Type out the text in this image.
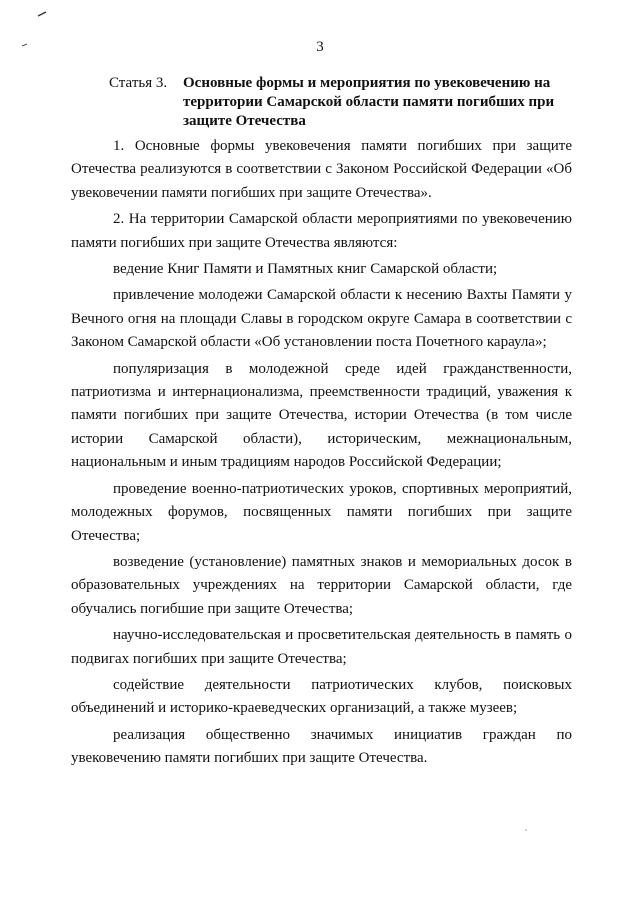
3
Статья 3. Основные формы и мероприятия по увековечению на территории Самарской области памяти погибших при защите Отечества

1. Основные формы увековечения памяти погибших при защите Отечества реализуются в соответствии с Законом Российской Федерации «Об увековечении памяти погибших при защите Отечества».

2. На территории Самарской области мероприятиями по увековечению памяти погибших при защите Отечества являются:

ведение Книг Памяти и Памятных книг Самарской области;

привлечение молодежи Самарской области к несению Вахты Памяти у Вечного огня на площади Славы в городском округе Самара в соответствии с Законом Самарской области «Об установлении поста Почетного караула»;

популяризация в молодежной среде идей гражданственности, патриотизма и интернационализма, преемственности традиций, уважения к памяти погибших при защите Отечества, истории Отечества (в том числе истории Самарской области), историческим, межнациональным, национальным и иным традициям народов Российской Федерации;

проведение военно-патриотических уроков, спортивных мероприятий, молодежных форумов, посвященных памяти погибших при защите Отечества;

возведение (установление) памятных знаков и мемориальных досок в образовательных учреждениях на территории Самарской области, где обучались погибшие при защите Отечества;

научно-исследовательская и просветительская деятельность в память о подвигах погибших при защите Отечества;

содействие деятельности патриотических клубов, поисковых объединений и историко-краеведческих организаций, а также музеев;

реализация общественно значимых инициатив граждан по увековечению памяти погибших при защите Отечества.
